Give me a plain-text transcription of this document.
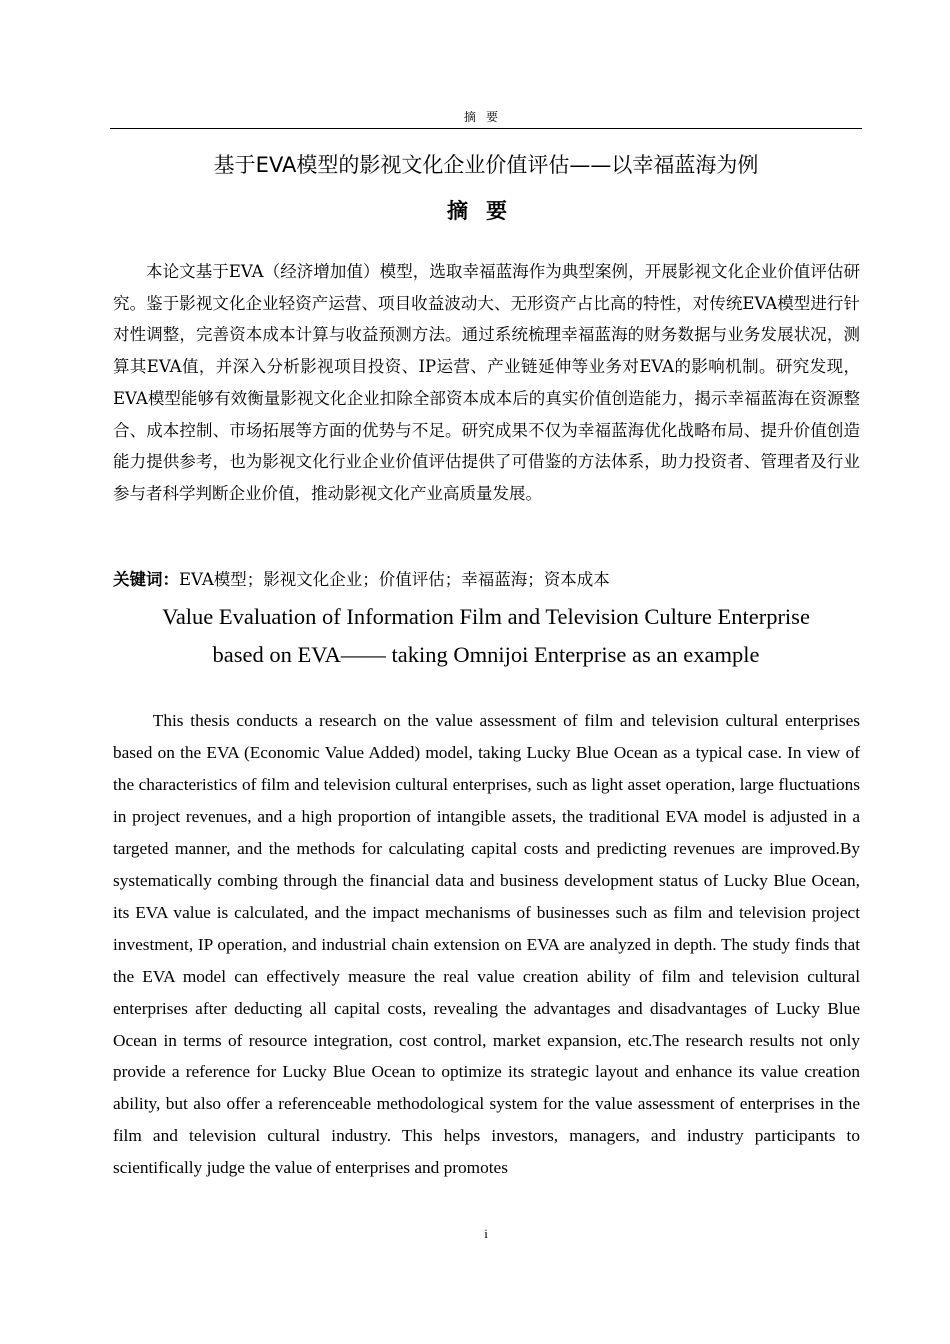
摘要
基于EVA模型的影视文化企业价值评估——以幸福蓝海为例
摘要

本论文基于EVA（经济增加值）模型，选取幸福蓝海作为典型案例，开展影视文化企业价值评估研究。鉴于影视文化企业轻资产运营、项目收益波动大、无形资产占比高的特性，对传统EVA模型进行针对性调整，完善资本成本计算与收益预测方法。通过系统梳理幸福蓝海的财务数据与业务发展状况，测算其EVA值，并深入分析影视项目投资、IP运营、产业链延伸等业务对EVA的影响机制。研究发现，EVA模型能够有效衡量影视文化企业扣除全部资本成本后的真实价值创造能力，揭示幸福蓝海在资源整合、成本控制、市场拓展等方面的优势与不足。研究成果不仅为幸福蓝海优化战略布局、提升价值创造能力提供参考，也为影视文化行业企业价值评估提供了可借鉴的方法体系，助力投资者、管理者及行业参与者科学判断企业价值，推动影视文化产业高质量发展。

关键词：EVA模型；影视文化企业；价值评估；幸福蓝海；资本成本

Value Evaluation of Information Film and Television Culture Enterprise
based on EVA—— taking Omnijoi Enterprise as an example

This thesis conducts a research on the value assessment of film and television cultural enterprises based on the EVA (Economic Value Added) model, taking Lucky Blue Ocean as a typical case. In view of the characteristics of film and television cultural enterprises, such as light asset operation, large fluctuations in project revenues, and a high proportion of intangible assets, the traditional EVA model is adjusted in a targeted manner, and the methods for calculating capital costs and predicting revenues are improved.By systematically combing through the financial data and business development status of Lucky Blue Ocean, its EVA value is calculated, and the impact mechanisms of businesses such as film and television project investment, IP operation, and industrial chain extension on EVA are analyzed in depth. The study finds that the EVA model can effectively measure the real value creation ability of film and television cultural enterprises after deducting all capital costs, revealing the advantages and disadvantages of Lucky Blue Ocean in terms of resource integration, cost control, market expansion, etc.The research results not only provide a reference for Lucky Blue Ocean to optimize its strategic layout and enhance its value creation ability, but also offer a referenceable methodological system for the value assessment of enterprises in the film and television cultural industry. This helps investors, managers, and industry participants to scientifically judge the value of enterprises and promotes

i
